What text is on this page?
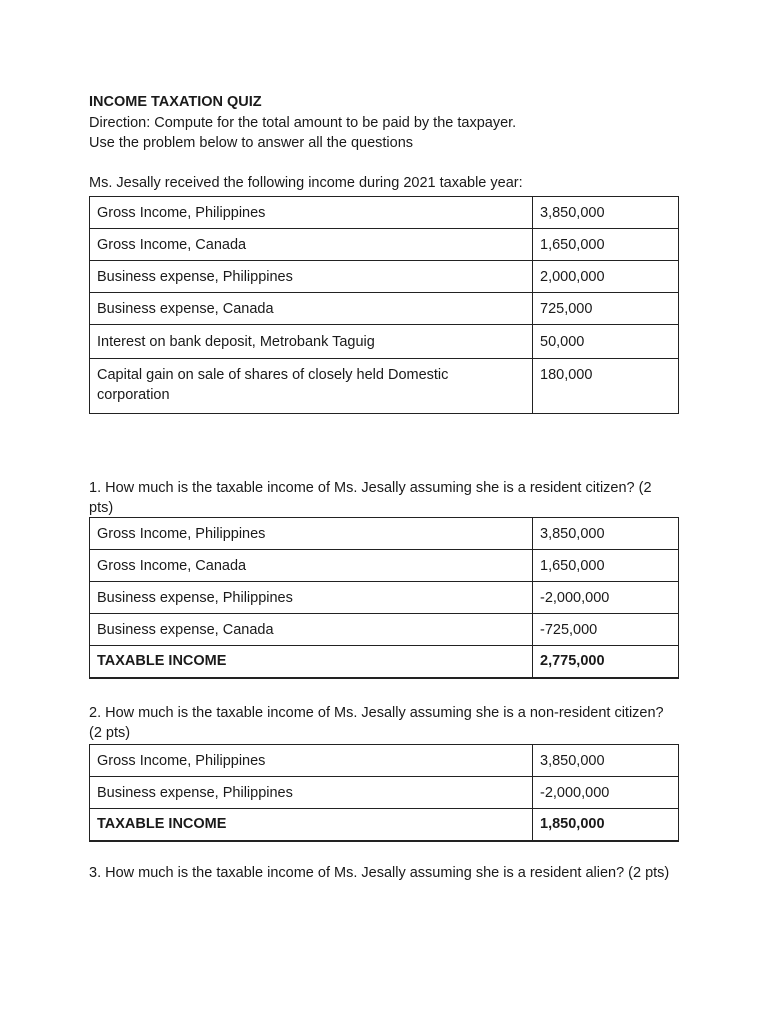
INCOME TAXATION QUIZ

Direction: Compute for the total amount to be paid by the taxpayer.

Use the problem below to answer all the questions

Ms. Jesally received the following income during 2021 taxable year:

Gross Income, Philippines	3,850,000
Gross Income, Canada	1,650,000
Business expense, Philippines	2,000,000
Business expense, Canada	725,000
Interest on bank deposit, Metrobank Taguig	50,000
Capital gain on sale of shares of closely held Domestic corporation	180,000

1. How much is the taxable income of Ms. Jesally assuming she is a resident citizen? (2 pts)

Gross Income, Philippines	3,850,000
Gross Income, Canada	1,650,000
Business expense, Philippines	-2,000,000
Business expense, Canada	-725,000
TAXABLE INCOME	2,775,000

2. How much is the taxable income of Ms. Jesally assuming she is a non-resident citizen? (2 pts)

Gross Income, Philippines	3,850,000
Business expense, Philippines	-2,000,000
TAXABLE INCOME	1,850,000

3. How much is the taxable income of Ms. Jesally assuming she is a resident alien? (2 pts)
